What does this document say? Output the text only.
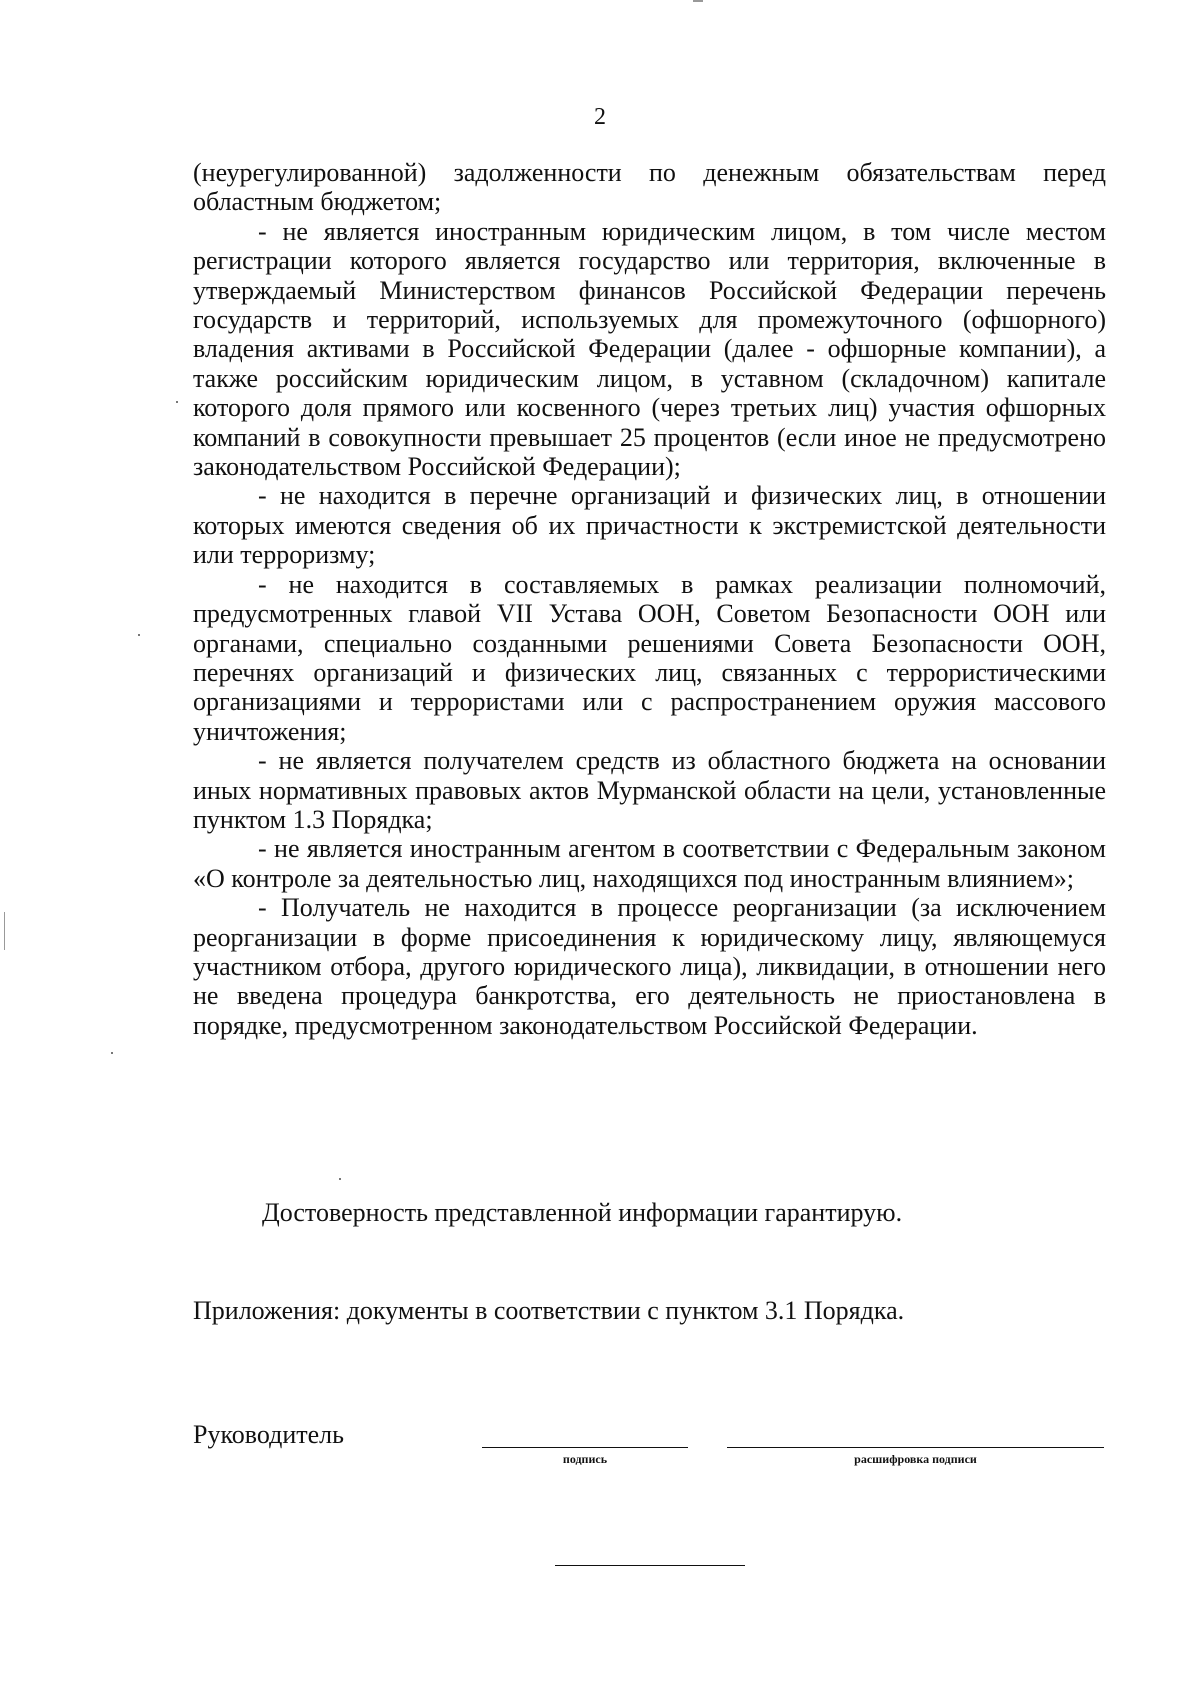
2

(неурегулированной) задолженности по денежным обязательствам перед областным бюджетом;

- не является иностранным юридическим лицом, в том числе местом регистрации которого является государство или территория, включенные в утверждаемый Министерством финансов Российской Федерации перечень государств и территорий, используемых для промежуточного (офшорного) владения активами в Российской Федерации (далее - офшорные компании), а также российским юридическим лицом, в уставном (складочном) капитале которого доля прямого или косвенного (через третьих лиц) участия офшорных компаний в совокупности превышает 25 процентов (если иное не предусмотрено законодательством Российской Федерации);

- не находится в перечне организаций и физических лиц, в отношении которых имеются сведения об их причастности к экстремистской деятельности или терроризму;

- не находится в составляемых в рамках реализации полномочий, предусмотренных главой VII Устава ООН, Советом Безопасности ООН или органами, специально созданными решениями Совета Безопасности ООН, перечнях организаций и физических лиц, связанных с террористическими организациями и террористами или с распространением оружия массового уничтожения;

- не является получателем средств из областного бюджета на основании иных нормативных правовых актов Мурманской области на цели, установленные пунктом 1.3 Порядка;

- не является иностранным агентом в соответствии с Федеральным законом «О контроле за деятельностью лиц, находящихся под иностранным влиянием»;

- Получатель не находится в процессе реорганизации (за исключением реорганизации в форме присоединения к юридическому лицу, являющемуся участником отбора, другого юридического лица), ликвидации, в отношении него не введена процедура банкротства, его деятельность не приостановлена в порядке, предусмотренном законодательством Российской Федерации.

Достоверность представленной информации гарантирую.

Приложения: документы в соответствии с пунктом 3.1 Порядка.

Руководитель

подпись	расшифровка подписи
